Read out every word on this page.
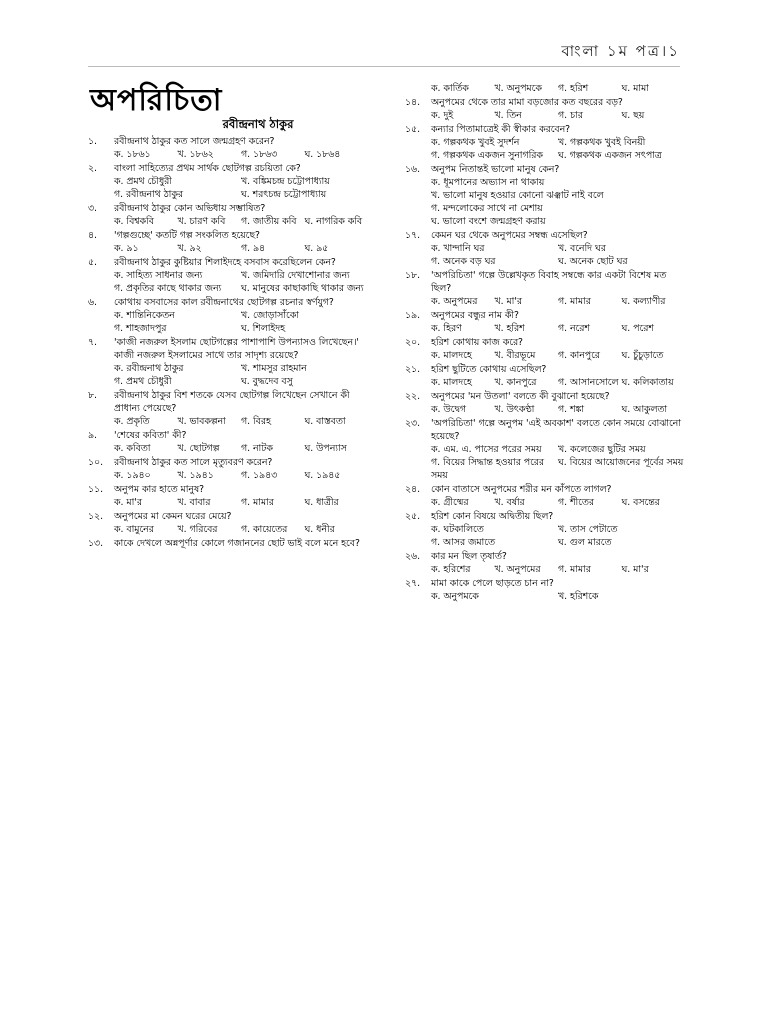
বাংলা ১ম পত্র।১
অপরিচিতা
রবীন্দ্রনাথ ঠাকুর
১.	রবীন্দ্রনাথ ঠাকুর কত সালে জন্মগ্রহণ করেন?
ক. ১৮৬১	খ. ১৮৬২	গ. ১৮৬৩	ঘ. ১৮৬৪
২.	বাংলা সাহিত্যের প্রথম সার্থক ছোটগল্প রচয়িতা কে?
ক. প্রমথ চৌধুরী	খ. বঙ্কিমচন্দ্র চট্টোপাধ্যায়
গ. রবীন্দ্রনাথ ঠাকুর	ঘ. শরৎচন্দ্র চট্টোপাধ্যায়
৩.	রবীন্দ্রনাথ ঠাকুর কোন অভিধায় সম্ভাষিত?
ক. বিশ্বকবি	খ. চারণ কবি	গ. জাতীয় কবি ঘ. নাগরিক কবি
৪.	'গল্পগুচ্ছে' কতটি গল্প সংকলিত হয়েছে?
ক. ৯১	খ. ৯২	গ. ৯৪	ঘ. ৯৫
৫.	রবীন্দ্রনাথ ঠাকুর কুষ্টিয়ার শিলাইদহে বসবাস করেছিলেন কেন?
ক. সাহিত্য সাধনার জন্য	খ. জমিদারি দেখাশোনার জন্য
গ. প্রকৃতির কাছে থাকার জন্য	ঘ. মানুষের কাছাকাছি থাকার জন্য
৬.	কোথায় বসবাসের কাল রবীন্দ্রনাথের ছোটগল্প রচনার স্বর্ণযুগ?
ক. শান্তিনিকেতন	খ. জোড়াসাঁকো
গ. শাহজাদপুর	ঘ. শিলাইদহ
৭.	'কাজী নজরুল ইসলাম ছোটগল্পের পাশাপাশি উপন্যাসও লিখেছেন।' কাজী নজরুল ইসলামের সাথে তার সাদৃশ্য রয়েছে?
ক. রবীন্দ্রনাথ ঠাকুর	খ. শামসুর রাহমান
গ. প্রমথ চৌধুরী	ঘ. বুদ্ধদেব বসু
৮.	রবীন্দ্রনাথ ঠাকুর বিশ শতকে যেসব ছোটগল্প লিখেছেন সেখানে কী প্রাধান্য পেয়েছে?
ক. প্রকৃতি	খ. ভাবকল্পনা	গ. বিরহ	ঘ. বাস্তবতা
৯.	'শেষের কবিতা' কী?
ক. কবিতা	খ. ছোটগল্প	গ. নাটক	ঘ. উপন্যাস
১০.	রবীন্দ্রনাথ ঠাকুর কত সালে মৃত্যুবরণ করেন?
ক. ১৯৪০	খ. ১৯৪১	গ. ১৯৪৩	ঘ. ১৯৪৫
১১.	অনুপম কার হাতে মানুষ?
ক. মা'র	খ. বাবার	গ. মামার	ঘ. ধাত্রীর
১২.	অনুপমের মা কেমন ঘরের মেয়ে?
ক. বামুনের	খ. গরিবের	গ. কায়েতের	ঘ. ধনীর
১৩.	কাকে দেখলে অন্নপূর্ণার কোলে গজাননের ছোট ভাই বলে মনে হবে?
ক. কার্তিক	খ. অনুপমকে	গ. হরিশ	ঘ. মামা
১৪.	অনুপমের থেকে তার মামা বড়জোর কত বছরের বড়?
ক. দুই	খ. তিন	গ. চার	ঘ. ছয়
১৫.	কন্যার পিতামাত্রেই কী স্বীকার করবেন?
ক. গল্পকথক খুবই সুদর্শন	খ. গল্পকথক খুবই বিনয়ী
গ. গল্পকথক একজন সুনাগরিক	ঘ. গল্পকথক একজন সৎপাত্র
১৬.	অনুপম নিতান্তই ভালো মানুষ কেন?
ক. ধূমপানের অভ্যাস না থাকায়
খ. ভালো মানুষ হওয়ার কোনো ঝঞ্ঝাট নাই বলে
গ. মন্দলোকের সাথে না মেশায়
ঘ. ভালো বংশে জন্মগ্রহণ করায়
১৭.	কেমন ঘর থেকে অনুপমের সম্বন্ধ এসেছিল?
ক. খান্দানি ঘর	খ. বনেদি ঘর
গ. অনেক বড় ঘর	ঘ. অনেক ছোট ঘর
১৮.	'অপরিচিতা' গল্পে উল্লেখকৃত বিবাহ সম্বন্ধে কার একটা বিশেষ মত ছিল?
ক. অনুপমের	খ. মা'র	গ. মামার	ঘ. কল্যাণীর
১৯.	অনুপমের বন্ধুর নাম কী?
ক. হিরণ	খ. হরিশ	গ. নরেশ	ঘ. পরেশ
২০.	হরিশ কোথায় কাজ করে?
ক. মালদহে	খ. বীরভূমে	গ. কানপুরে	ঘ. চুঁচুড়াতে
২১.	হরিশ ছুটিতে কোথায় এসেছিল?
ক. মালদহে	খ. কানপুরে	গ. আসানসোলে ঘ. কলিকাতায়
২২.	অনুপমের 'মন উতলা' বলতে কী বুঝানো হয়েছে?
ক. উদ্বেগ	খ. উৎকণ্ঠা	গ. শঙ্কা	ঘ. আকুলতা
২৩.	'অপরিচিতা' গল্পে অনুপম 'এই অবকাশ' বলতে কোন সময়ে বোঝানো হয়েছে?
ক. এম. এ. পাসের পরের সময়	খ. কলেজের ছুটির সময়
গ. বিয়ের সিদ্ধান্ত হওয়ার পরের সময়
ঘ. বিয়ের আয়োজনের পূর্বের সময়
২৪.	কোন বাতাসে অনুপমের শরীর মন কাঁপতে লাগল?
ক. গ্রীষ্মের	খ. বর্ষার	গ. শীতের	ঘ. বসন্তের
২৫.	হরিশ কোন বিষয়ে অদ্বিতীয় ছিল?
ক. ঘটকালিতে	খ. তাস পেটাতে
গ. আসর জমাতে	ঘ. গুল মারতে
২৬.	কার মন ছিল তৃষার্ত?
ক. হরিশের	খ. অনুপমের	গ. মামার	ঘ. মা'র
২৭.	মামা কাকে পেলে ছাড়তে চান না?
ক. অনুপমকে	খ. হরিশকে
